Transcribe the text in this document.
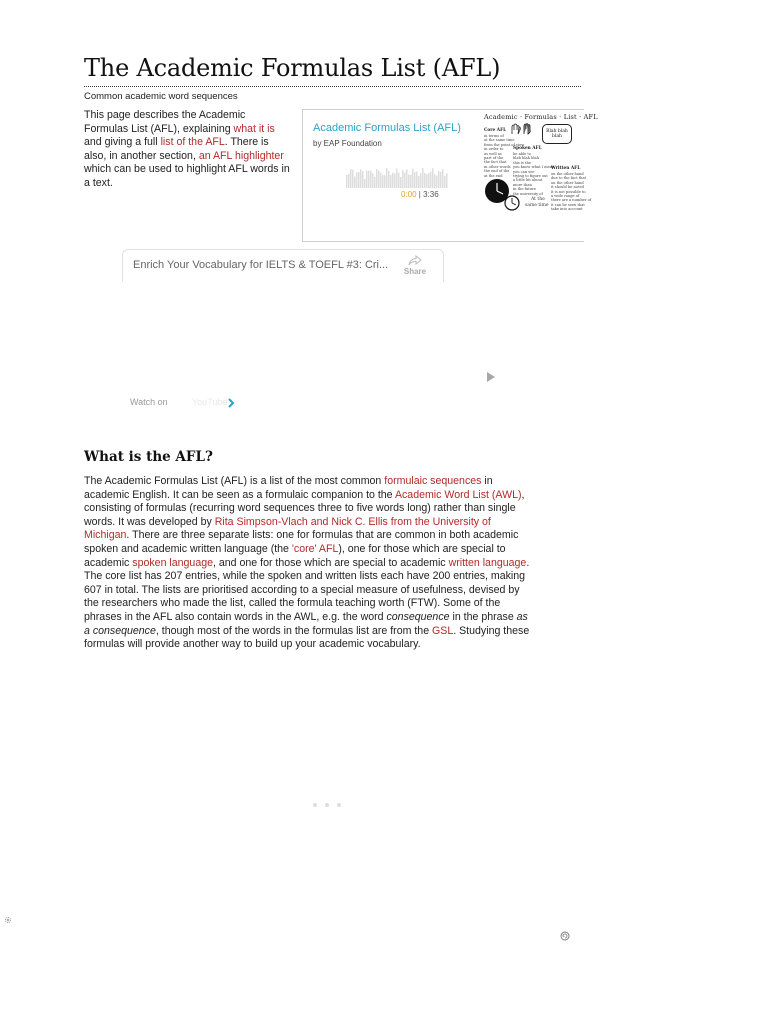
The Academic Formulas List (AFL)
Common academic word sequences

This page describes the Academic Formulas List (AFL), explaining what it is and giving a full list of the AFL. There is also, in another section, an AFL highlighter which can be used to highlight AFL words in a text.

Academic Formulas List (AFL)
by EAP Foundation
0:00 | 3:36
Academic · Formulas · List · AFL
Core AFL
in terms of
at the same time
from the point of view
in order to
as well as
part of the
the fact that
in other words
the end of the
at the end
Spoken AFL
be able to
blah blah blah
this is the
you know what I mean
you can see
trying to figure out
a little bit about
more than
in the future
the university of
Written AFL
on the other hand
due to the fact that
on the other hand
it should be noted
it is not possible to
a wide range of
there are a number of
it can be seen that
take into account
Blah blah blah
At the
same time
Enrich Your Vocabulary for IELTS & TOEFL #3: Cri...
Share
Watch on	YouTube
What is the AFL?

The Academic Formulas List (AFL) is a list of the most common formulaic sequences in academic English. It can be seen as a formulaic companion to the Academic Word List (AWL), consisting of formulas (recurring word sequences three to five words long) rather than single words. It was developed by Rita Simpson-Vlach and Nick C. Ellis from the University of Michigan. There are three separate lists: one for formulas that are common in both academic spoken and academic written language (the 'core' AFL), one for those which are special to academic spoken language, and one for those which are special to academic written language. The core list has 207 entries, while the spoken and written lists each have 200 entries, making 607 in total. The lists are prioritised according to a special measure of usefulness, devised by the researchers who made the list, called the formula teaching worth (FTW). Some of the phrases in the AFL also contain words in the AWL, e.g. the word consequence in the phrase as a consequence, though most of the words in the formulas list are from the GSL. Studying these formulas will provide another way to build up your academic vocabulary.
